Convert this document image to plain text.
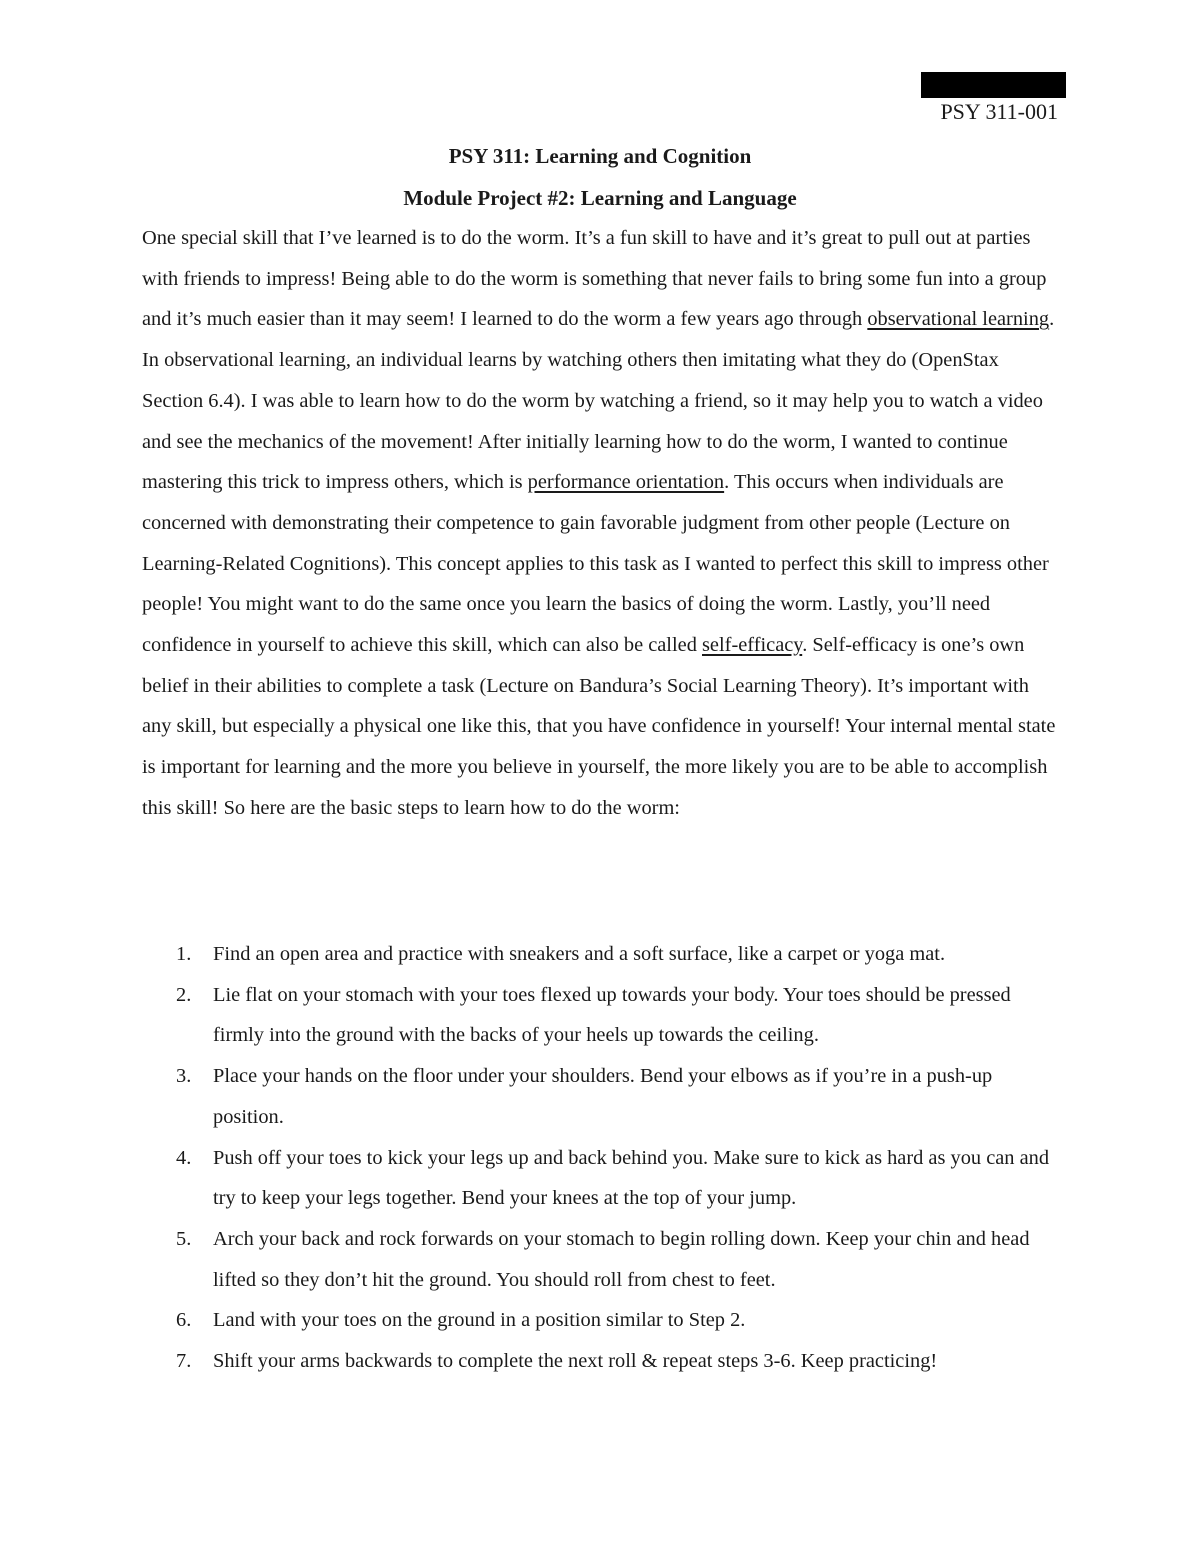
PSY 311-001
PSY 311: Learning and Cognition
Module Project #2: Learning and Language

One special skill that I’ve learned is to do the worm. It’s a fun skill to have and it’s great to pull out at parties with friends to impress! Being able to do the worm is something that never fails to bring some fun into a group and it’s much easier than it may seem! I learned to do the worm a few years ago through observational learning. In observational learning, an individual learns by watching others then imitating what they do (OpenStax Section 6.4). I was able to learn how to do the worm by watching a friend, so it may help you to watch a video and see the mechanics of the movement! After initially learning how to do the worm, I wanted to continue mastering this trick to impress others, which is performance orientation. This occurs when individuals are concerned with demonstrating their competence to gain favorable judgment from other people (Lecture on Learning-Related Cognitions). This concept applies to this task as I wanted to perfect this skill to impress other people! You might want to do the same once you learn the basics of doing the worm. Lastly, you’ll need confidence in yourself to achieve this skill, which can also be called self-efficacy. Self-efficacy is one’s own belief in their abilities to complete a task (Lecture on Bandura’s Social Learning Theory). It’s important with any skill, but especially a physical one like this, that you have confidence in yourself! Your internal mental state is important for learning and the more you believe in yourself, the more likely you are to be able to accomplish this skill! So here are the basic steps to learn how to do the worm:

1. Find an open area and practice with sneakers and a soft surface, like a carpet or yoga mat.
2. Lie flat on your stomach with your toes flexed up towards your body. Your toes should be pressed firmly into the ground with the backs of your heels up towards the ceiling.
3. Place your hands on the floor under your shoulders. Bend your elbows as if you’re in a push-up position.
4. Push off your toes to kick your legs up and back behind you. Make sure to kick as hard as you can and try to keep your legs together. Bend your knees at the top of your jump.
5. Arch your back and rock forwards on your stomach to begin rolling down. Keep your chin and head lifted so they don’t hit the ground. You should roll from chest to feet.
6. Land with your toes on the ground in a position similar to Step 2.
7. Shift your arms backwards to complete the next roll & repeat steps 3-6. Keep practicing!
